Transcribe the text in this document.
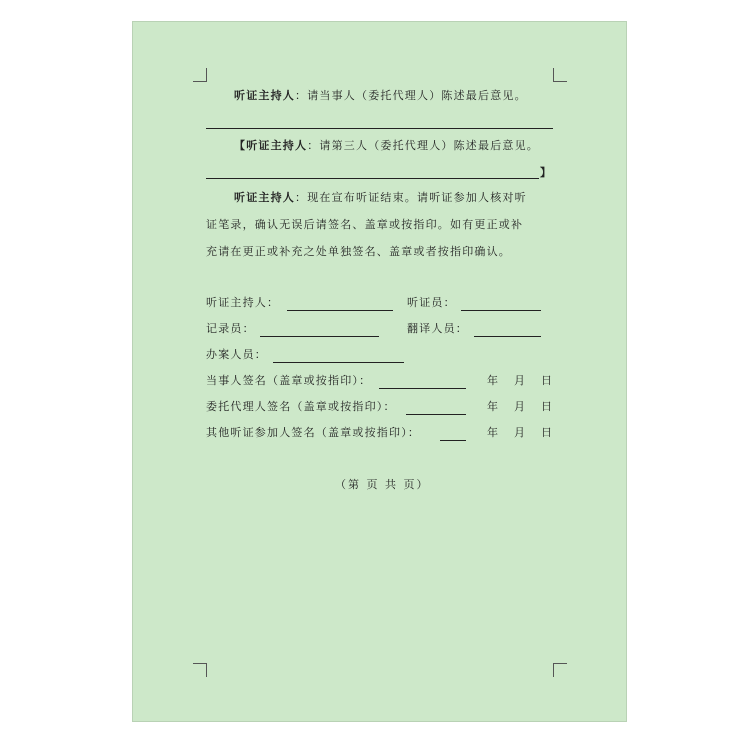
听证主持人：请当事人（委托代理人）陈述最后意见。
【听证主持人：请第三人（委托代理人）陈述最后意见。
】
听证主持人：现在宣布听证结束。请听证参加人核对听
证笔录，确认无误后请签名、盖章或按指印。如有更正或补
充请在更正或补充之处单独签名、盖章或者按指印确认。
听证主持人：	听证员：
记录员：	翻译人员：
办案人员：
当事人签名（盖章或按指印）：	年 月 日
委托代理人签名（盖章或按指印）：	年 月 日
其他听证参加人签名（盖章或按指印）：	年 月 日
（第 页 共 页）
